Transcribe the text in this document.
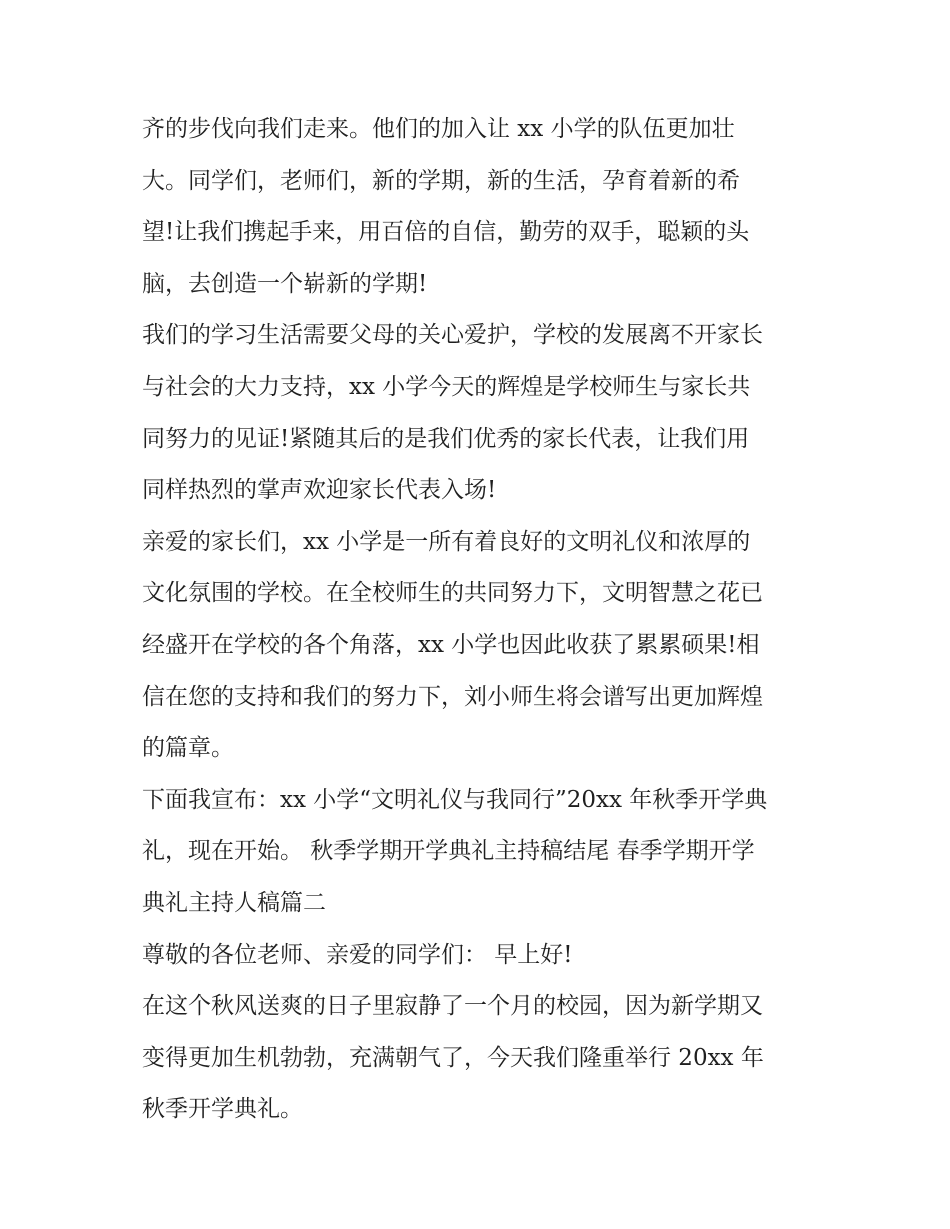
齐的步伐向我们走来。他们的加入让 xx 小学的队伍更加壮
大。同学们，老师们，新的学期，新的生活，孕育着新的希
望!让我们携起手来，用百倍的自信，勤劳的双手，聪颖的头
脑，去创造一个崭新的学期!
我们的学习生活需要父母的关心爱护，学校的发展离不开家长
与社会的大力支持，xx 小学今天的辉煌是学校师生与家长共
同努力的见证!紧随其后的是我们优秀的家长代表，让我们用
同样热烈的掌声欢迎家长代表入场!
亲爱的家长们，xx 小学是一所有着良好的文明礼仪和浓厚的
文化氛围的学校。在全校师生的共同努力下，文明智慧之花已
经盛开在学校的各个角落，xx 小学也因此收获了累累硕果!相
信在您的支持和我们的努力下，刘小师生将会谱写出更加辉煌
的篇章。
下面我宣布：xx 小学“文明礼仪与我同行”20xx 年秋季开学典
礼，现在开始。 秋季学期开学典礼主持稿结尾 春季学期开学
典礼主持人稿篇二
尊敬的各位老师、亲爱的同学们： 早上好!
在这个秋风送爽的日子里寂静了一个月的校园，因为新学期又
变得更加生机勃勃，充满朝气了，今天我们隆重举行 20xx 年
秋季开学典礼。
